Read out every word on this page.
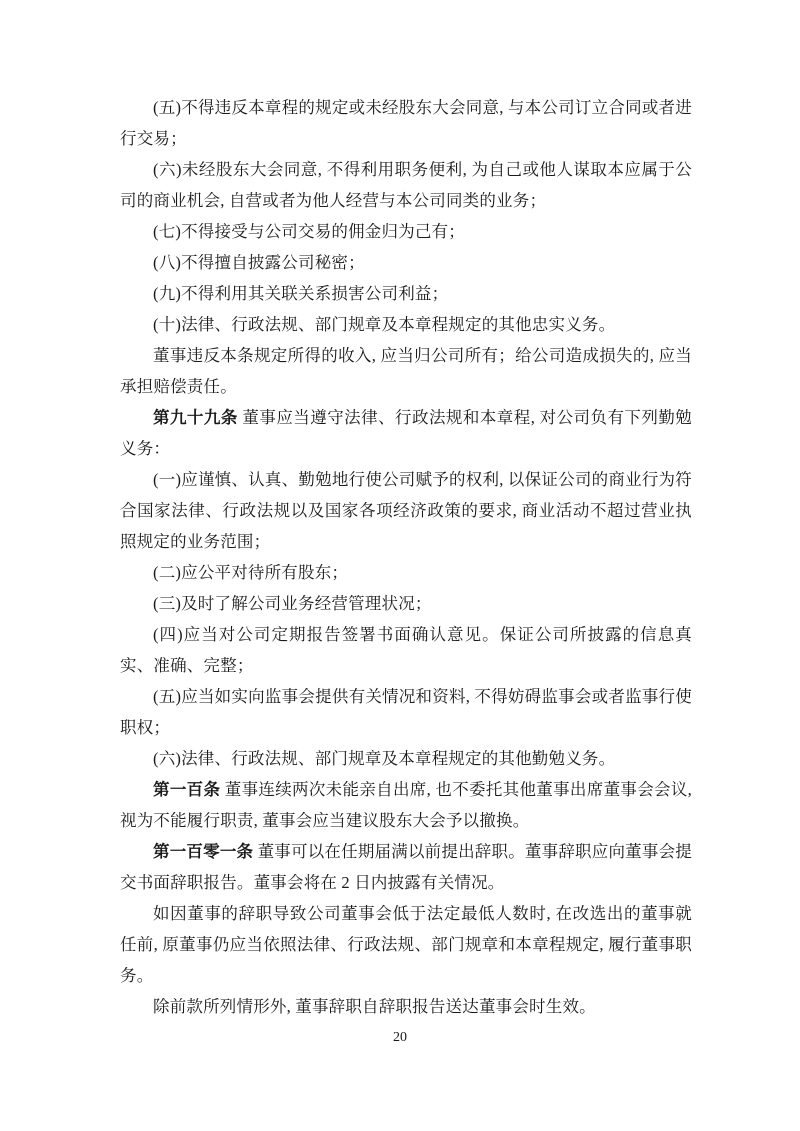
(五)不得违反本章程的规定或未经股东大会同意, 与本公司订立合同或者进行交易；

(六)未经股东大会同意, 不得利用职务便利, 为自己或他人谋取本应属于公司的商业机会, 自营或者为他人经营与本公司同类的业务；

(七)不得接受与公司交易的佣金归为己有；

(八)不得擅自披露公司秘密；

(九)不得利用其关联关系损害公司利益；

(十)法律、行政法规、部门规章及本章程规定的其他忠实义务。

董事违反本条规定所得的收入, 应当归公司所有；给公司造成损失的, 应当承担赔偿责任。

第九十九条 董事应当遵守法律、行政法规和本章程, 对公司负有下列勤勉义务：

(一)应谨慎、认真、勤勉地行使公司赋予的权利, 以保证公司的商业行为符合国家法律、行政法规以及国家各项经济政策的要求, 商业活动不超过营业执照规定的业务范围；

(二)应公平对待所有股东；

(三)及时了解公司业务经营管理状况；

(四)应当对公司定期报告签署书面确认意见。保证公司所披露的信息真实、准确、完整；

(五)应当如实向监事会提供有关情况和资料, 不得妨碍监事会或者监事行使职权；

(六)法律、行政法规、部门规章及本章程规定的其他勤勉义务。

第一百条 董事连续两次未能亲自出席, 也不委托其他董事出席董事会会议, 视为不能履行职责, 董事会应当建议股东大会予以撤换。

第一百零一条 董事可以在任期届满以前提出辞职。董事辞职应向董事会提交书面辞职报告。董事会将在 2 日内披露有关情况。

如因董事的辞职导致公司董事会低于法定最低人数时, 在改选出的董事就任前, 原董事仍应当依照法律、行政法规、部门规章和本章程规定, 履行董事职务。

除前款所列情形外, 董事辞职自辞职报告送达董事会时生效。

20
